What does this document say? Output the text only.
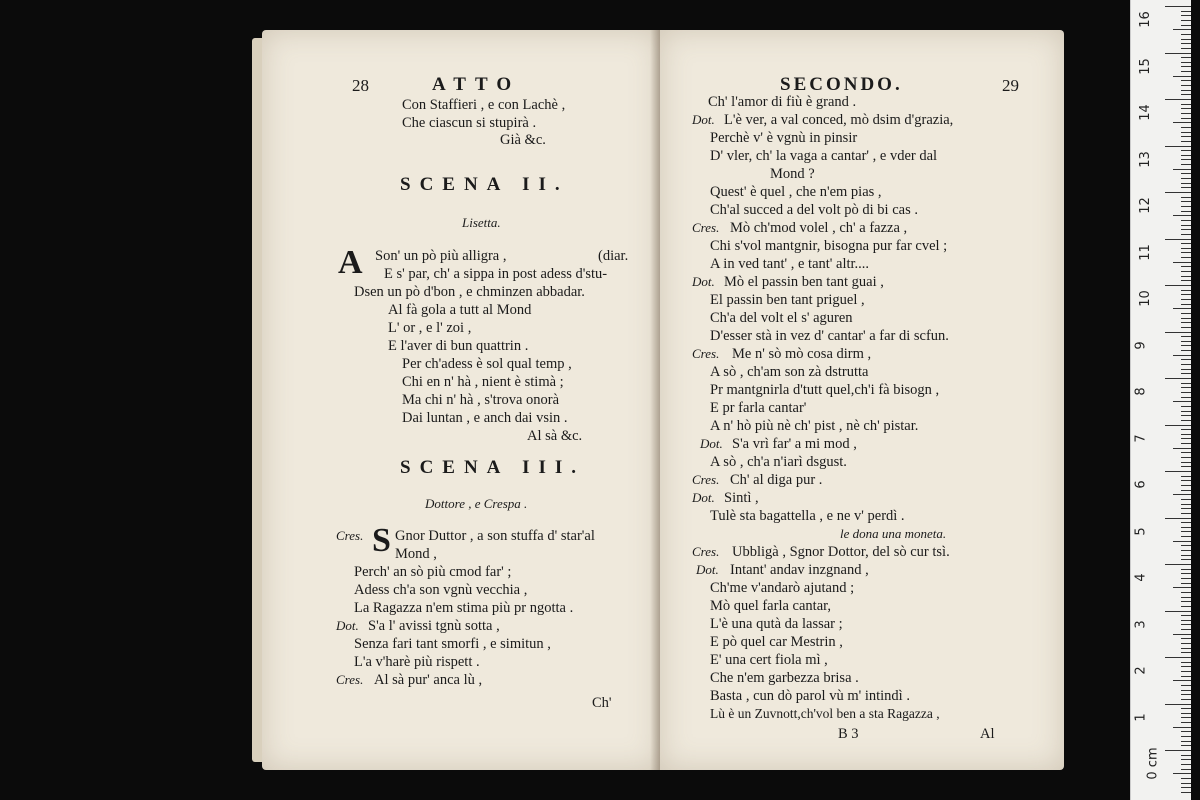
28	ATTO
Con Staffieri , e con Lachè ,
Che ciascun si stupirà .
Già &c.
SCENA II.
Lisetta.
A Son' un pò più alligra ,	(diar.
E s' par, ch' a sippa in post adess d'stu-
Dsen un pò d'bon , e chminzen abbadar.
Al fà gola a tutt al Mond
L' or , e l' zoi ,
E l'aver di bun quattrin .
Per ch'adess è sol qual temp ,
Chi en n' hà , nient è stimà ;
Ma chi n' hà , s'trova onorà
Dai luntan , e anch dai vsin .
Al sà &c.
SCENA III.
Dottore , e Crespa .
Cres. S Gnor Duttor , a son stuffa d' star'al
Mond ,
Perch' an sò più cmod far' ;
Adess ch'a son vgnù vecchia ,
La Ragazza n'em stima più pr ngotta .
Dot. S'a l' avissi tgnù sotta ,
Senza fari tant smorfi , e simitun ,
L'a v'harè più rispett .
Cres. Al sà pur' anca lù ,
Ch'
SECONDO.	29
Ch' l'amor di fiù è grand .
Dot. L'è ver, a val conced, mò dsim d'grazia,
Perchè v' è vgnù in pinsir
D' vler, ch' la vaga a cantar' , e vder dal
Mond ?
Quest' è quel , che n'em pias ,
Ch'al succed a del volt pò di bi cas .
Cres. Mò ch'mod volel , ch' a fazza ,
Chi s'vol mantgnir, bisogna pur far cvel ;
A in ved tant' , e tant' altr....
Dot. Mò el passin ben tant guai ,
El passin ben tant priguel ,
Ch'a del volt el s' aguren
D'esser stà in vez d' cantar' a far di scfun.
Cres. Me n' sò mò cosa dirm ,
A sò , ch'am son zà dstrutta
Pr mantgnirla d'tutt quel,ch'i fà bisogn ,
E pr farla cantar'
A n' hò più nè ch' pist , nè ch' pistar.
Dot. S'a vrì far' a mi mod ,
A sò , ch'a n'iarì dsgust.
Cres. Ch' al diga pur .
Dot. Sintì ,
Tulè sta bagattella , e ne v' perdì .
le dona una moneta.
Cres. Ubbligà , Sgnor Dottor, del sò cur tsì.
Dot. Intant' andav inzgnand ,
Ch'me v'andarò ajutand ;
Mò quel farla cantar,
L'è una qutà da lassar ;
E pò quel car Mestrin ,
E' una cert fiola mì ,
Che n'em garbezza brisa .
Basta , cun dò parol vù m' intindì .
Lù è un Zuvnott,ch'vol ben a sta Ragazza ,
B 3	Al
16
15
14
13
12
11
10
9
8
7
6
5
4
3
2
1
0 cm
